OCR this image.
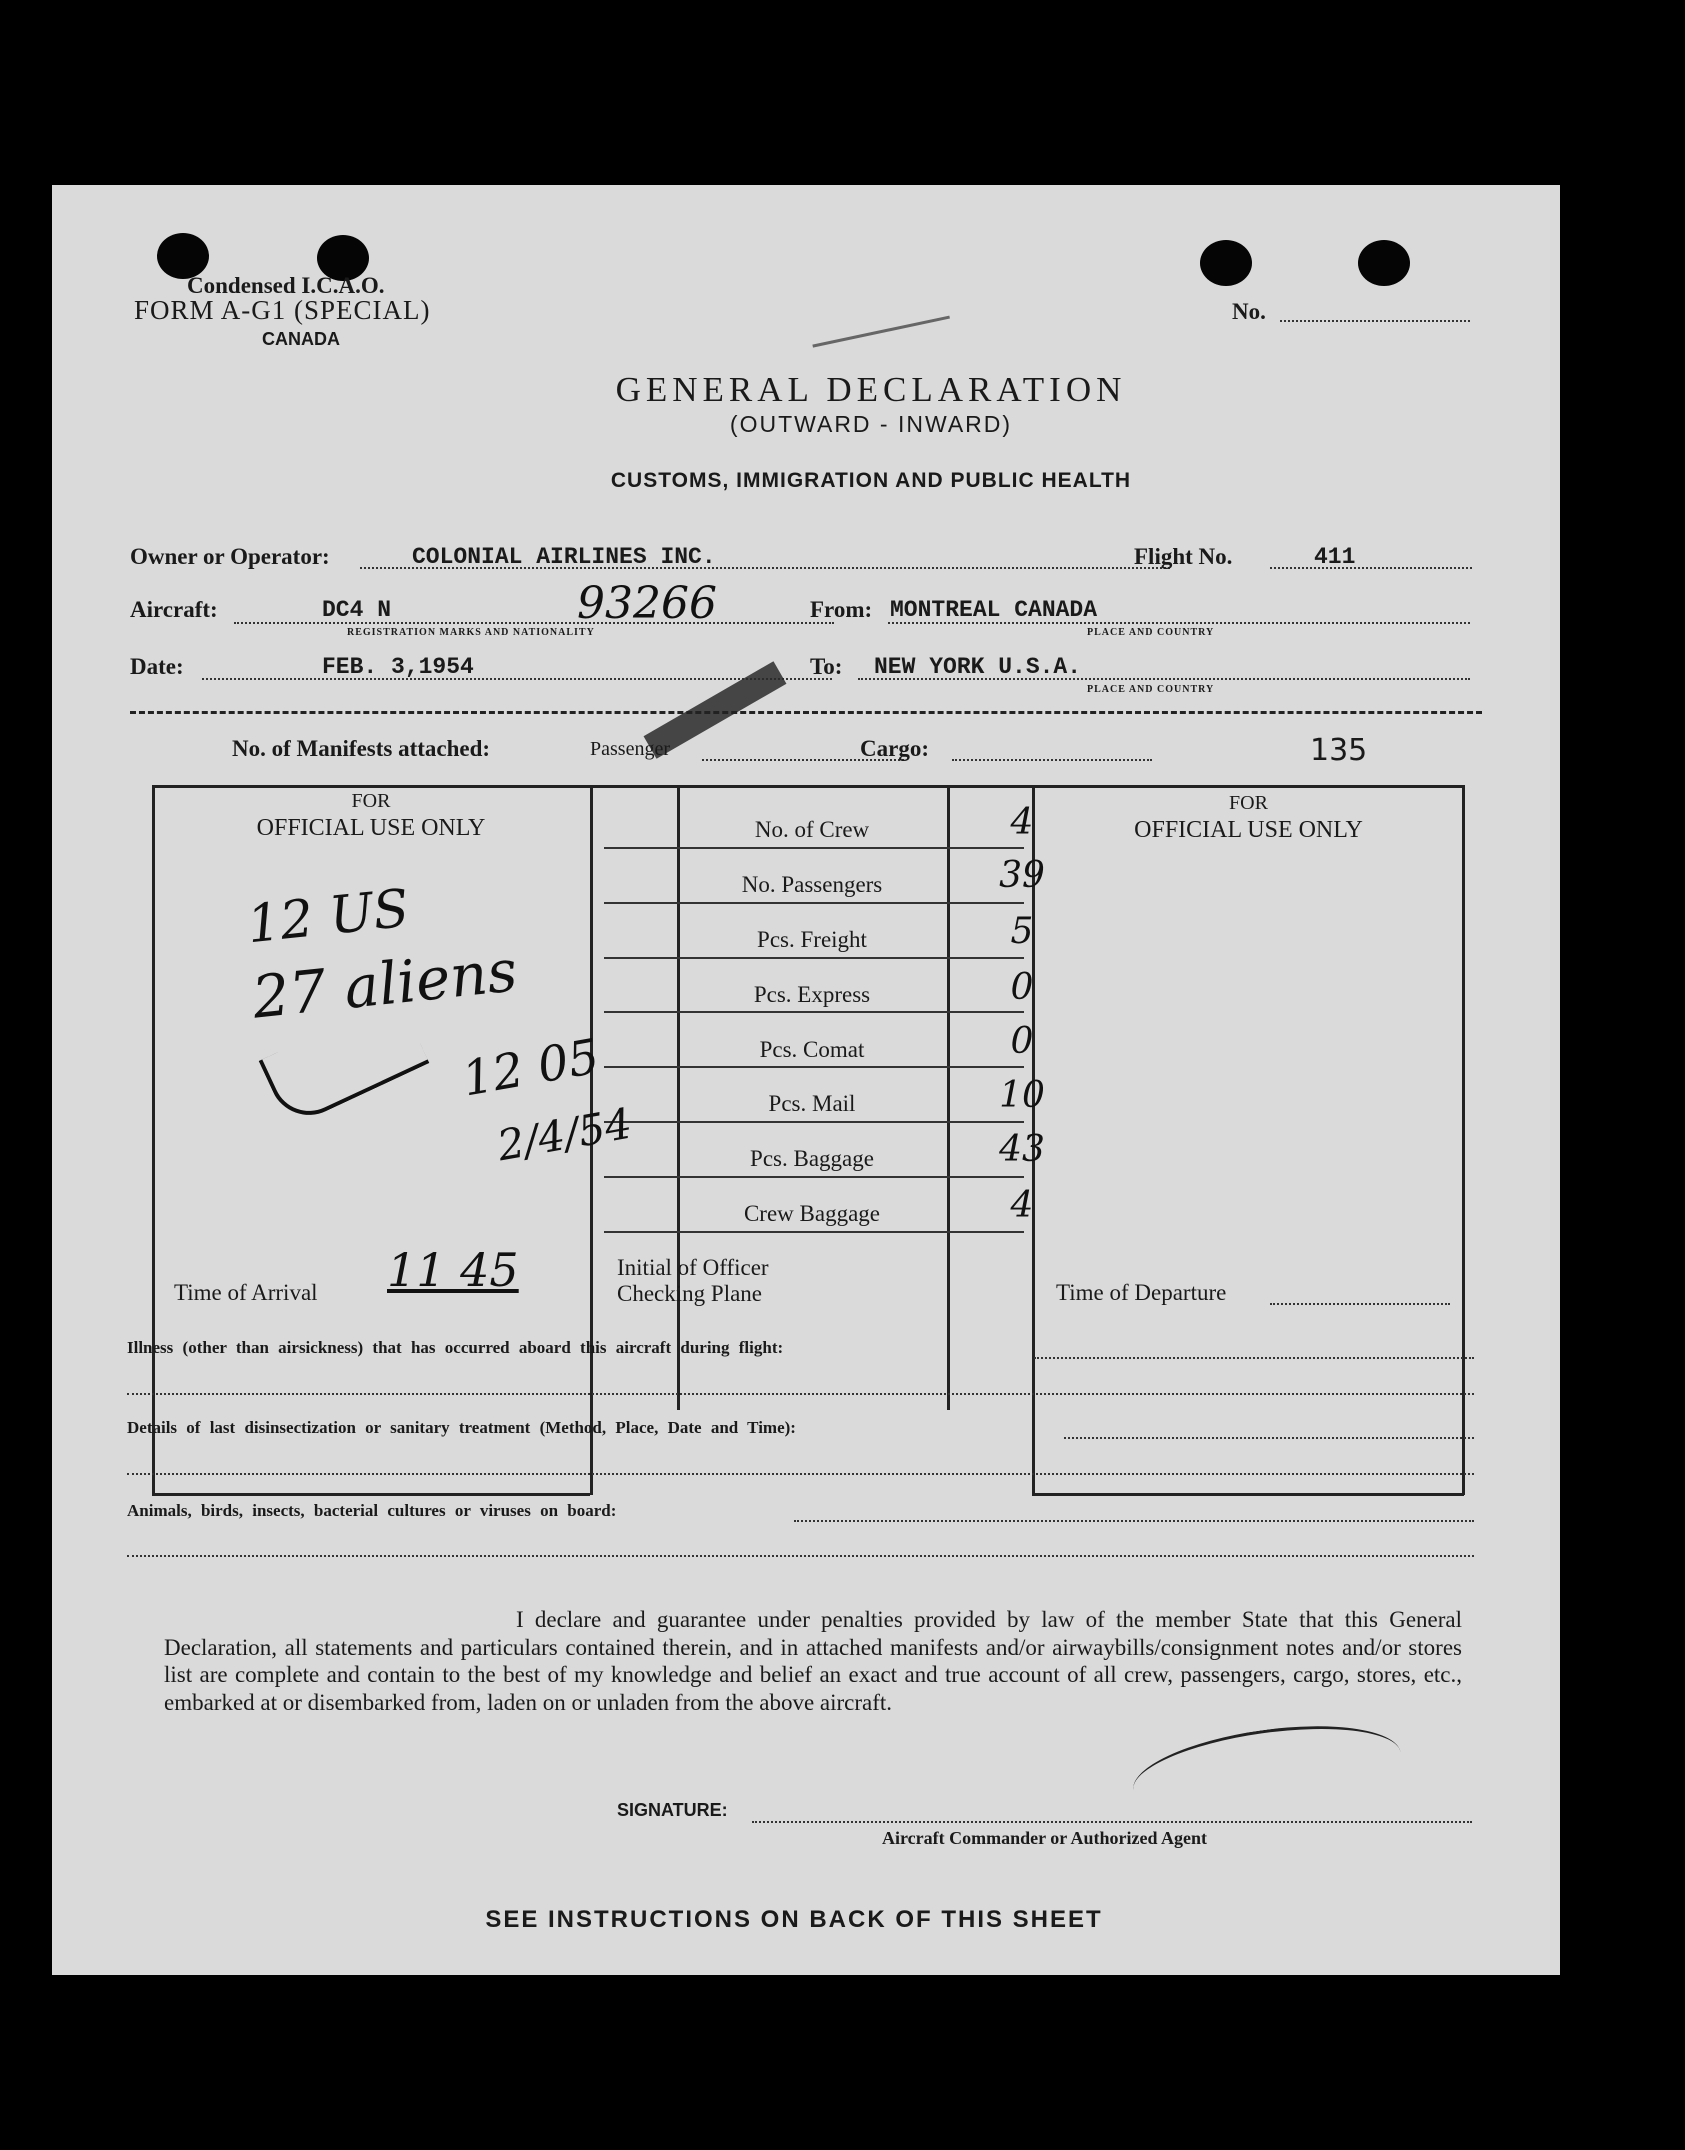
Condensed I.C.A.O.
FORM A-G1 (SPECIAL)
CANADA
No.
GENERAL DECLARATION
(OUTWARD - INWARD)
CUSTOMS, IMMIGRATION AND PUBLIC HEALTH
Owner or Operator:	COLONIAL AIRLINES INC.	Flight No.	411
Aircraft:	DC4 N	93266
REGISTRATION MARKS AND NATIONALITY
From: MONTREAL CANADA
PLACE AND COUNTRY
Date:	FEB. 3,1954	To: NEW YORK U.S.A.
PLACE AND COUNTRY
No. of Manifests attached:	Passenger	Cargo:	135
FOR
OFFICIAL USE ONLY
FOR
OFFICIAL USE ONLY
No. of Crew	4
No. Passengers	39
Pcs. Freight	5
Pcs. Express	0
Pcs. Comat	0
Pcs. Mail	10
Pcs. Baggage	43
Crew Baggage	4
12 US
27 aliens
12 05
2/4/54
Time of Arrival 11 45	Initial of Officer
Checking Plane	Time of Departure
Illness (other than airsickness) that has occurred aboard this aircraft during flight:
Details of last disinsectization or sanitary treatment (Method, Place, Date and Time):
Animals, birds, insects, bacterial cultures or viruses on board:
I declare and guarantee under penalties provided by law of the member State that this General Declaration, all statements and particulars contained therein, and in attached manifests and/or airwaybills/consignment notes and/or stores list are complete and contain to the best of my knowledge and belief an exact and true account of all crew, passengers, cargo, stores, etc., embarked at or disembarked from, laden on or unladen from the above aircraft.
SIGNATURE:
Aircraft Commander or Authorized Agent
SEE INSTRUCTIONS ON BACK OF THIS SHEET
